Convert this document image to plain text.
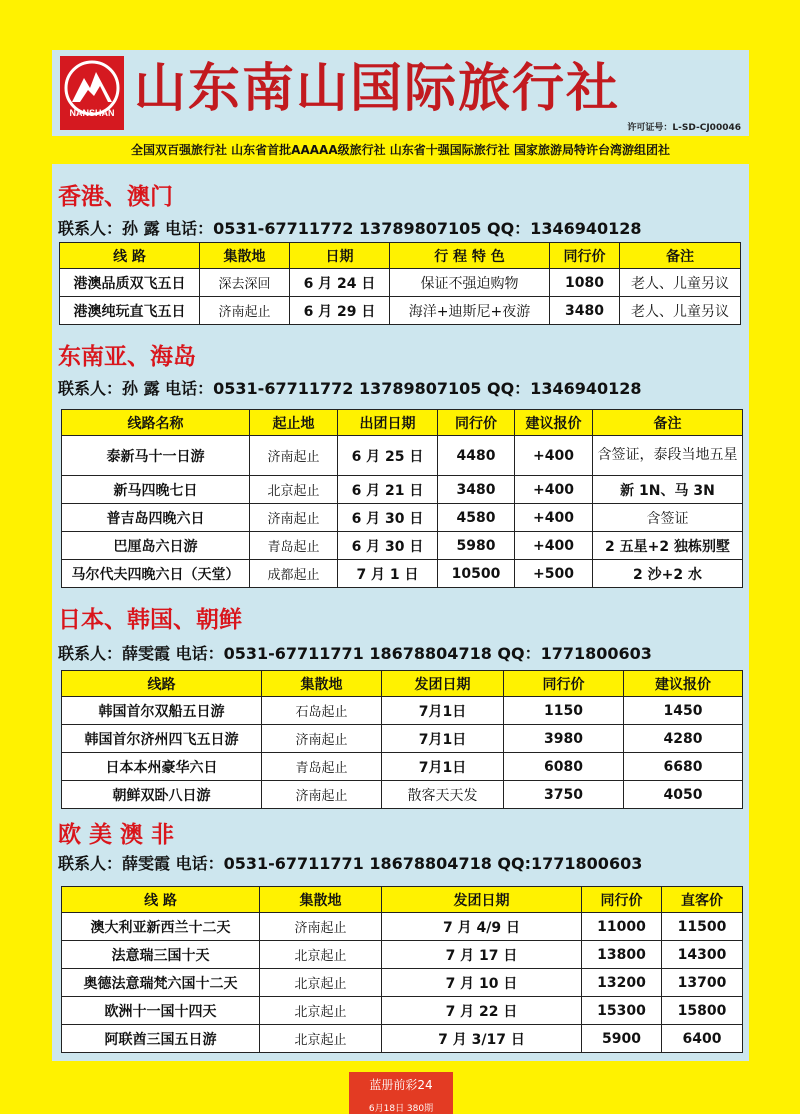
NANSHAN 山东南山国际旅行社
许可证号：L-SD-CJ00046
全国双百强旅行社 山东省首批AAAAA级旅行社 山东省十强国际旅行社 国家旅游局特许台湾游组团社
香港、澳门
联系人：孙 露 电话：0531-67711772 13789807105 QQ：1346940128
线 路	集散地	日期	行 程 特 色	同行价	备注
港澳品质双飞五日	深去深回	6 月 24 日	保证不强迫购物	1080	老人、儿童另议
港澳纯玩直飞五日	济南起止	6 月 29 日	海洋+迪斯尼+夜游	3480	老人、儿童另议
东南亚、海岛
联系人：孙 露 电话：0531-67711772 13789807105 QQ：1346940128
线路名称	起止地	出团日期	同行价	建议报价	备注
泰新马十一日游	济南起止	6 月 25 日	4480	+400	含签证，泰段当地五星
新马四晚七日	北京起止	6 月 21 日	3480	+400	新 1N、马 3N
普吉岛四晚六日	济南起止	6 月 30 日	4580	+400	含签证
巴厘岛六日游	青岛起止	6 月 30 日	5980	+400	2 五星+2 独栋别墅
马尔代夫四晚六日（天堂）	成都起止	7 月 1 日	10500	+500	2 沙+2 水
日本、韩国、朝鲜
联系人：薛雯霞 电话：0531-67711771 18678804718 QQ：1771800603
线路	集散地	发团日期	同行价	建议报价
韩国首尔双船五日游	石岛起止	7月1日	1150	1450
韩国首尔济州四飞五日游	济南起止	7月1日	3980	4280
日本本州豪华六日	青岛起止	7月1日	6080	6680
朝鲜双卧八日游	济南起止	散客天天发	3750	4050
欧 美 澳 非
联系人：薛雯霞 电话：0531-67711771 18678804718 QQ:1771800603
线 路	集散地	发团日期	同行价	直客价
澳大利亚新西兰十二天	济南起止	7 月 4/9 日	11000	11500
法意瑞三国十天	北京起止	7 月 17 日	13800	14300
奥德法意瑞梵六国十二天	北京起止	7 月 10 日	13200	13700
欧洲十一国十四天	北京起止	7 月 22 日	15300	15800
阿联酋三国五日游	北京起止	7 月 3/17 日	5900	6400
蓝册前彩24
6月18日 380期
